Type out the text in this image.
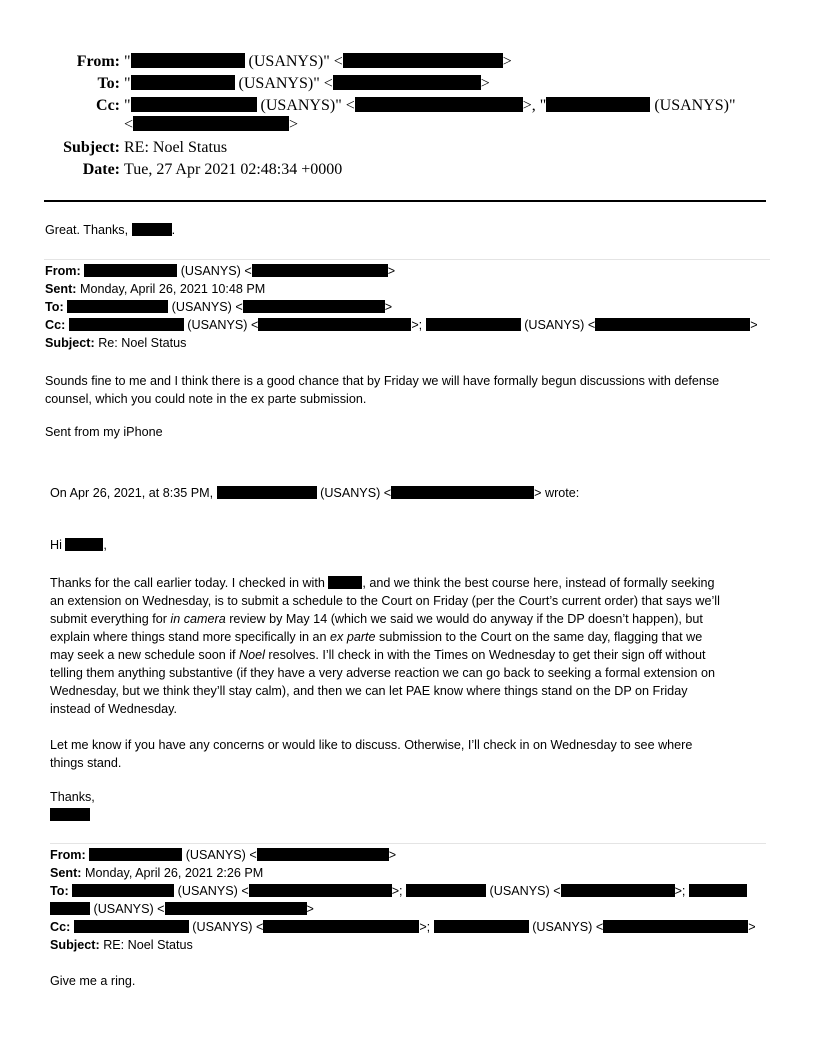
From: "	(USANYS)" <	>
To: "	(USANYS)" <	>
Cc: "	(USANYS)" <	>, "	(USANYS)"
<	>
Subject: RE: Noel Status
Date: Tue, 27 Apr 2021 02:48:34 +0000
Great. Thanks,	.
From:	(USANYS) <	>
Sent: Monday, April 26, 2021 10:48 PM
To:	(USANYS) <	>
Cc:	(USANYS) <	>;	(USANYS) <	>
Subject: Re: Noel Status
Sounds fine to me and I think there is a good chance that by Friday we will have formally begun discussions with defense
counsel, which you could note in the ex parte submission.
Sent from my iPhone
On Apr 26, 2021, at 8:35 PM,	(USANYS) <	> wrote:
Hi	,
Thanks for the call earlier today. I checked in with	, and we think the best course here, instead of formally seeking
an extension on Wednesday, is to submit a schedule to the Court on Friday (per the Court’s current order) that says we’ll
submit everything for in camera review by May 14 (which we said we would do anyway if the DP doesn’t happen), but
explain where things stand more specifically in an ex parte submission to the Court on the same day, flagging that we
may seek a new schedule soon if Noel resolves. I’ll check in with the Times on Wednesday to get their sign off without
telling them anything substantive (if they have a very adverse reaction we can go back to seeking a formal extension on
Wednesday, but we think they’ll stay calm), and then we can let PAE know where things stand on the DP on Friday
instead of Wednesday.
Let me know if you have any concerns or would like to discuss. Otherwise, I’ll check in on Wednesday to see where
things stand.
Thanks,
From:	(USANYS) <	>
Sent: Monday, April 26, 2021 2:26 PM
To:	(USANYS) <	>;	(USANYS) <	>;
(USANYS) <	>
Cc:	(USANYS) <	>;	(USANYS) <	>
Subject: RE: Noel Status
Give me a ring.
